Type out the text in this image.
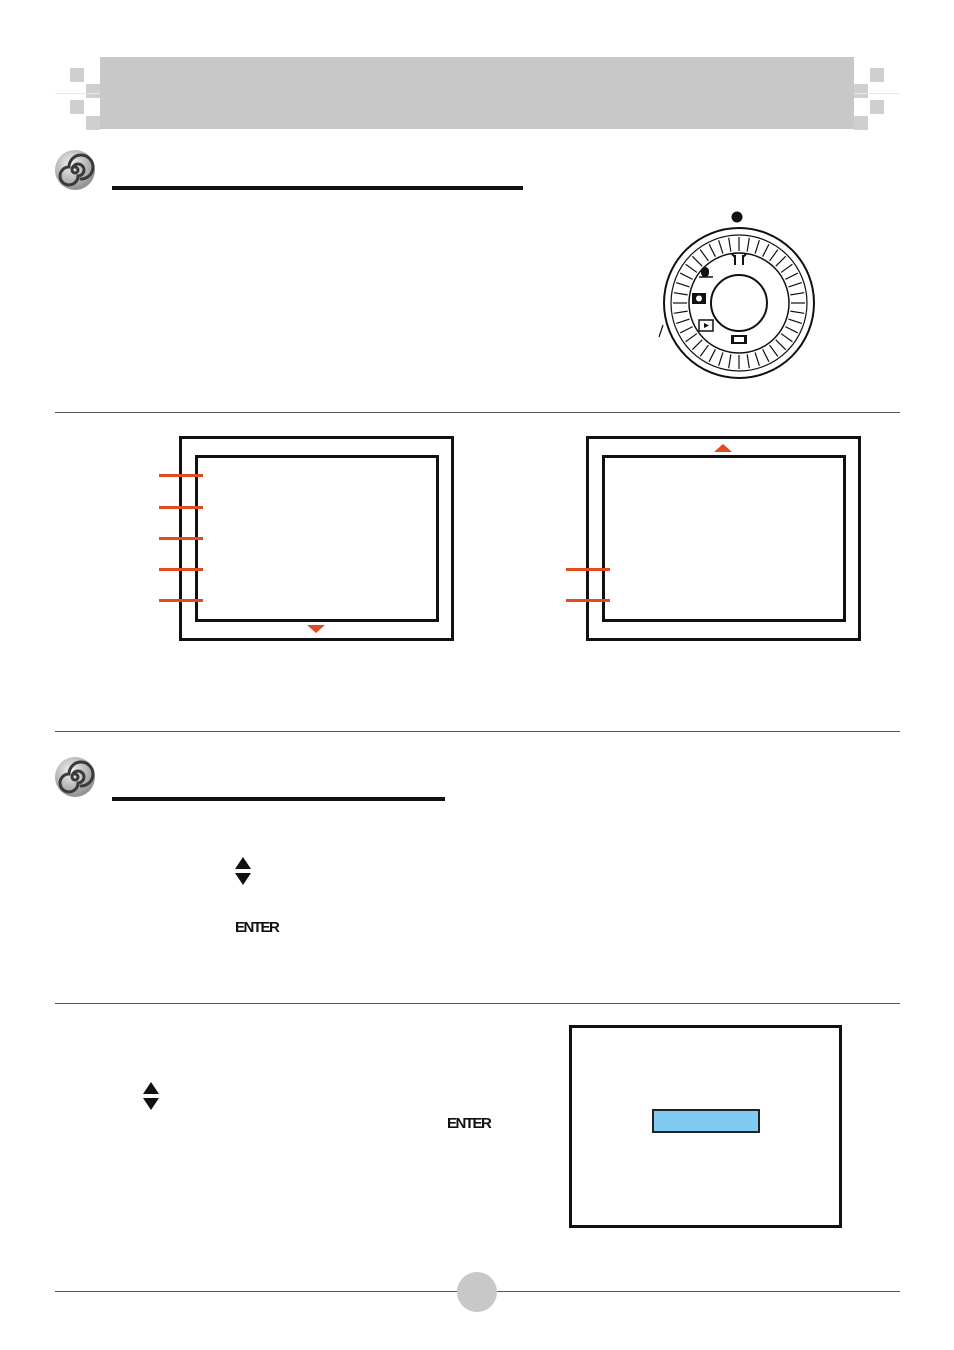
ENTER
ENTER
